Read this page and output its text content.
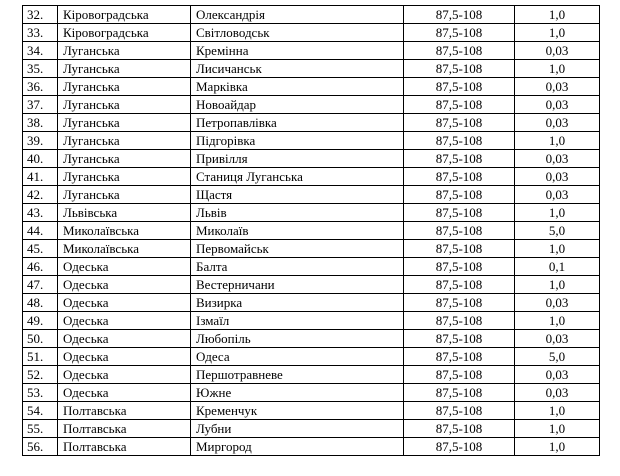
32.	Кіровоградська	Олександрія	87,5-108	1,0
33.	Кіровоградська	Світловодськ	87,5-108	1,0
34.	Луганська	Кремінна	87,5-108	0,03
35.	Луганська	Лисичанськ	87,5-108	1,0
36.	Луганська	Марківка	87,5-108	0,03
37.	Луганська	Новоайдар	87,5-108	0,03
38.	Луганська	Петропавлівка	87,5-108	0,03
39.	Луганська	Підгорівка	87,5-108	1,0
40.	Луганська	Привілля	87,5-108	0,03
41.	Луганська	Станиця Луганська	87,5-108	0,03
42.	Луганська	Щастя	87,5-108	0,03
43.	Львівська	Львів	87,5-108	1,0
44.	Миколаївська	Миколаїв	87,5-108	5,0
45.	Миколаївська	Первомайськ	87,5-108	1,0
46.	Одеська	Балта	87,5-108	0,1
47.	Одеська	Вестерничани	87,5-108	1,0
48.	Одеська	Визирка	87,5-108	0,03
49.	Одеська	Ізмаїл	87,5-108	1,0
50.	Одеська	Любопіль	87,5-108	0,03
51.	Одеська	Одеса	87,5-108	5,0
52.	Одеська	Першотравневе	87,5-108	0,03
53.	Одеська	Южне	87,5-108	0,03
54.	Полтавська	Кременчук	87,5-108	1,0
55.	Полтавська	Лубни	87,5-108	1,0
56.	Полтавська	Миргород	87,5-108	1,0
